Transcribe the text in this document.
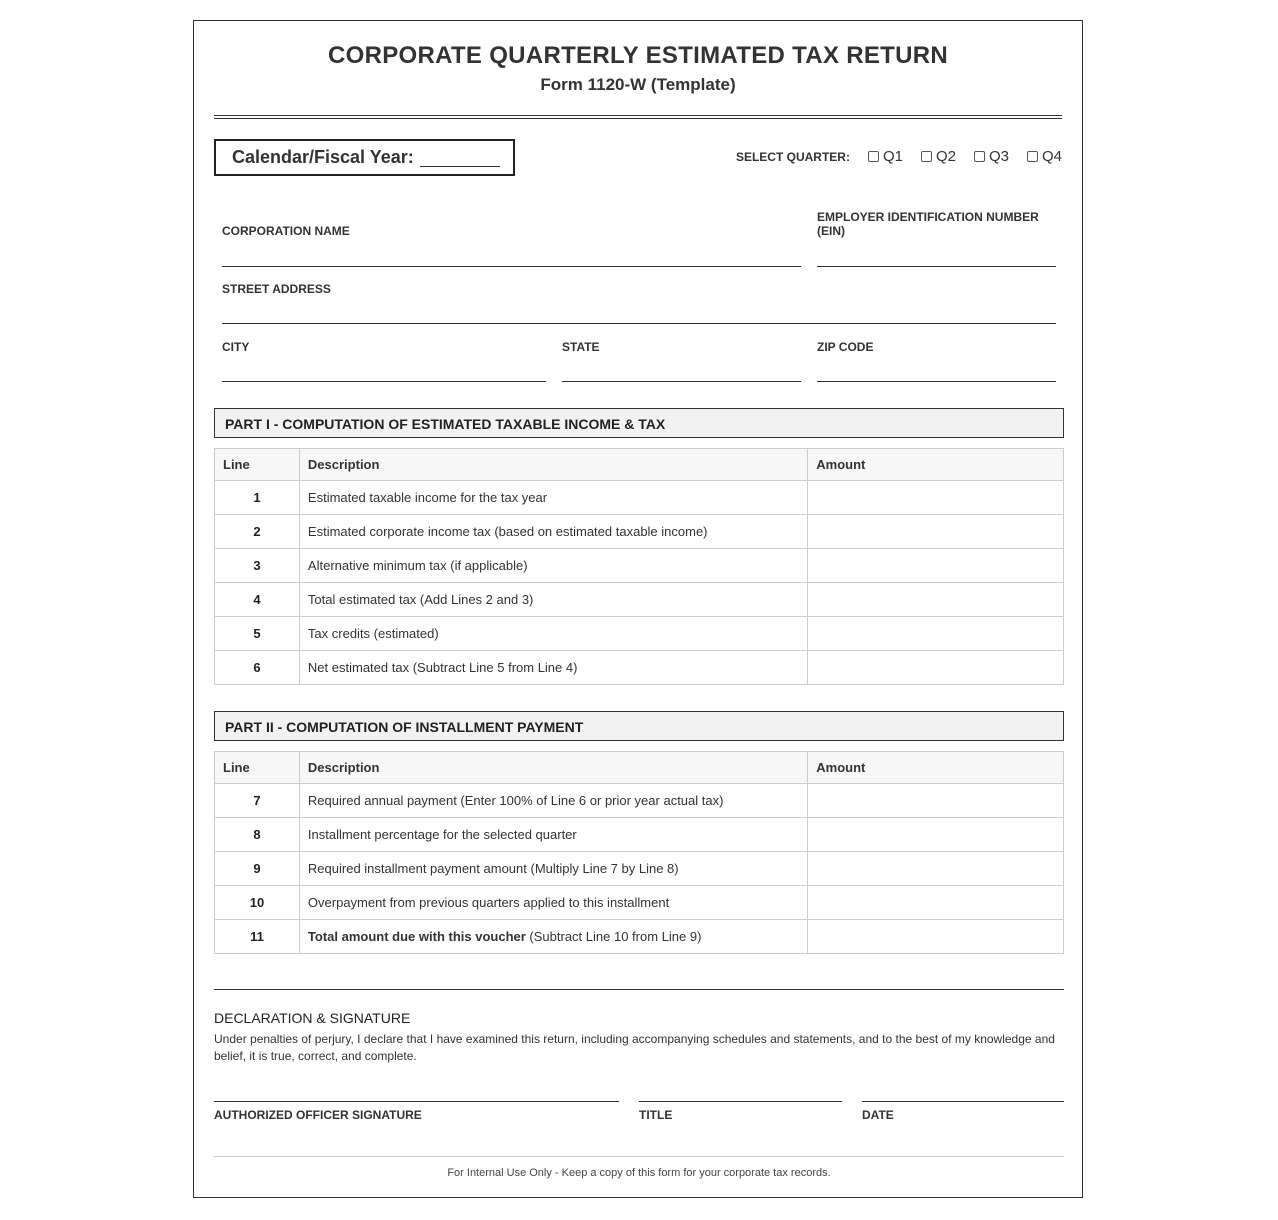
CORPORATE QUARTERLY ESTIMATED TAX RETURN
Form 1120-W (Template)
Calendar/Fiscal Year:	SELECT QUARTER: Q1 Q2 Q3 Q4
CORPORATION NAME
EMPLOYER IDENTIFICATION NUMBER (EIN)
STREET ADDRESS
CITY	STATE	ZIP CODE
PART I - COMPUTATION OF ESTIMATED TAXABLE INCOME & TAX
Line	Description	Amount
1	Estimated taxable income for the tax year	
2	Estimated corporate income tax (based on estimated taxable income)	
3	Alternative minimum tax (if applicable)	
4	Total estimated tax (Add Lines 2 and 3)	
5	Tax credits (estimated)	
6	Net estimated tax (Subtract Line 5 from Line 4)	
PART II - COMPUTATION OF INSTALLMENT PAYMENT
Line	Description	Amount
7	Required annual payment (Enter 100% of Line 6 or prior year actual tax)	
8	Installment percentage for the selected quarter	
9	Required installment payment amount (Multiply Line 7 by Line 8)	
10	Overpayment from previous quarters applied to this installment	
11	Total amount due with this voucher (Subtract Line 10 from Line 9)	
DECLARATION & SIGNATURE
Under penalties of perjury, I declare that I have examined this return, including accompanying schedules and statements, and to the best of my knowledge and belief, it is true, correct, and complete.
AUTHORIZED OFFICER SIGNATURE	TITLE	DATE
For Internal Use Only - Keep a copy of this form for your corporate tax records.
